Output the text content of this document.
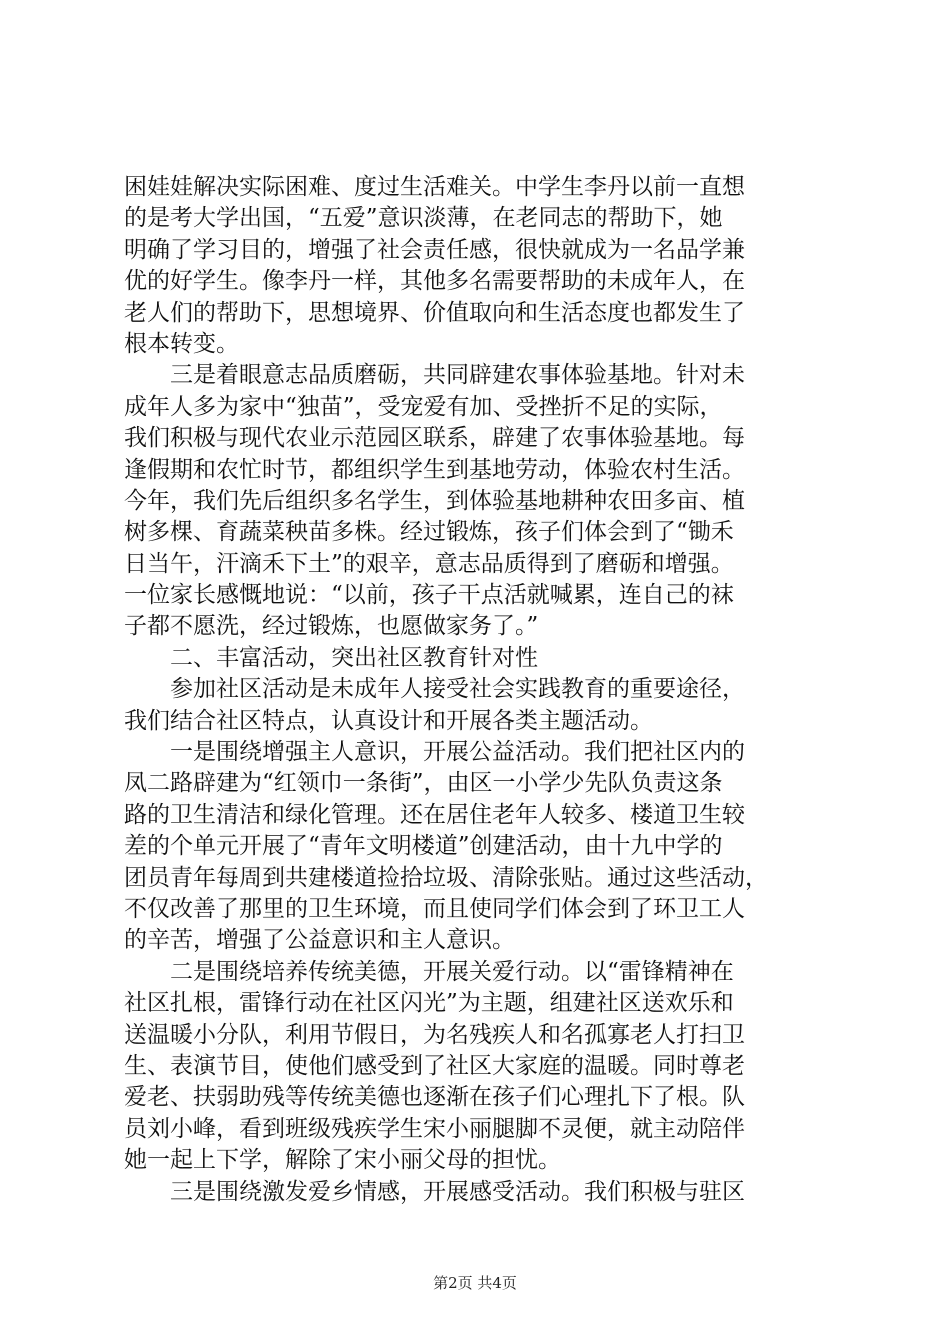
困娃娃解决实际困难、度过生活难关。中学生李丹以前一直想
的是考大学出国，“五爱”意识淡薄，在老同志的帮助下，她
明确了学习目的，增强了社会责任感，很快就成为一名品学兼
优的好学生。像李丹一样，其他多名需要帮助的未成年人，在
老人们的帮助下，思想境界、价值取向和生活态度也都发生了
根本转变。
　　三是着眼意志品质磨砺，共同辟建农事体验基地。针对未
成年人多为家中“独苗”，受宠爱有加、受挫折不足的实际，
我们积极与现代农业示范园区联系，辟建了农事体验基地。每
逢假期和农忙时节，都组织学生到基地劳动，体验农村生活。
今年，我们先后组织多名学生，到体验基地耕种农田多亩、植
树多棵、育蔬菜秧苗多株。经过锻炼，孩子们体会到了“锄禾
日当午，汗滴禾下土”的艰辛，意志品质得到了磨砺和增强。
一位家长感慨地说：“以前，孩子干点活就喊累，连自己的袜
子都不愿洗，经过锻炼，也愿做家务了。”
　　二、丰富活动，突出社区教育针对性
　　参加社区活动是未成年人接受社会实践教育的重要途径，
我们结合社区特点，认真设计和开展各类主题活动。
　　一是围绕增强主人意识，开展公益活动。我们把社区内的
凤二路辟建为“红领巾一条街”，由区一小学少先队负责这条
路的卫生清洁和绿化管理。还在居住老年人较多、楼道卫生较
差的个单元开展了“青年文明楼道”创建活动，由十九中学的
团员青年每周到共建楼道捡拾垃圾、清除张贴。通过这些活动，
不仅改善了那里的卫生环境，而且使同学们体会到了环卫工人
的辛苦，增强了公益意识和主人意识。
　　二是围绕培养传统美德，开展关爱行动。以“雷锋精神在
社区扎根，雷锋行动在社区闪光”为主题，组建社区送欢乐和
送温暖小分队，利用节假日，为名残疾人和名孤寡老人打扫卫
生、表演节目，使他们感受到了社区大家庭的温暖。同时尊老
爱老、扶弱助残等传统美德也逐渐在孩子们心理扎下了根。队
员刘小峰，看到班级残疾学生宋小丽腿脚不灵便，就主动陪伴
她一起上下学，解除了宋小丽父母的担忧。
　　三是围绕激发爱乡情感，开展感受活动。我们积极与驻区
第2页 共4页
